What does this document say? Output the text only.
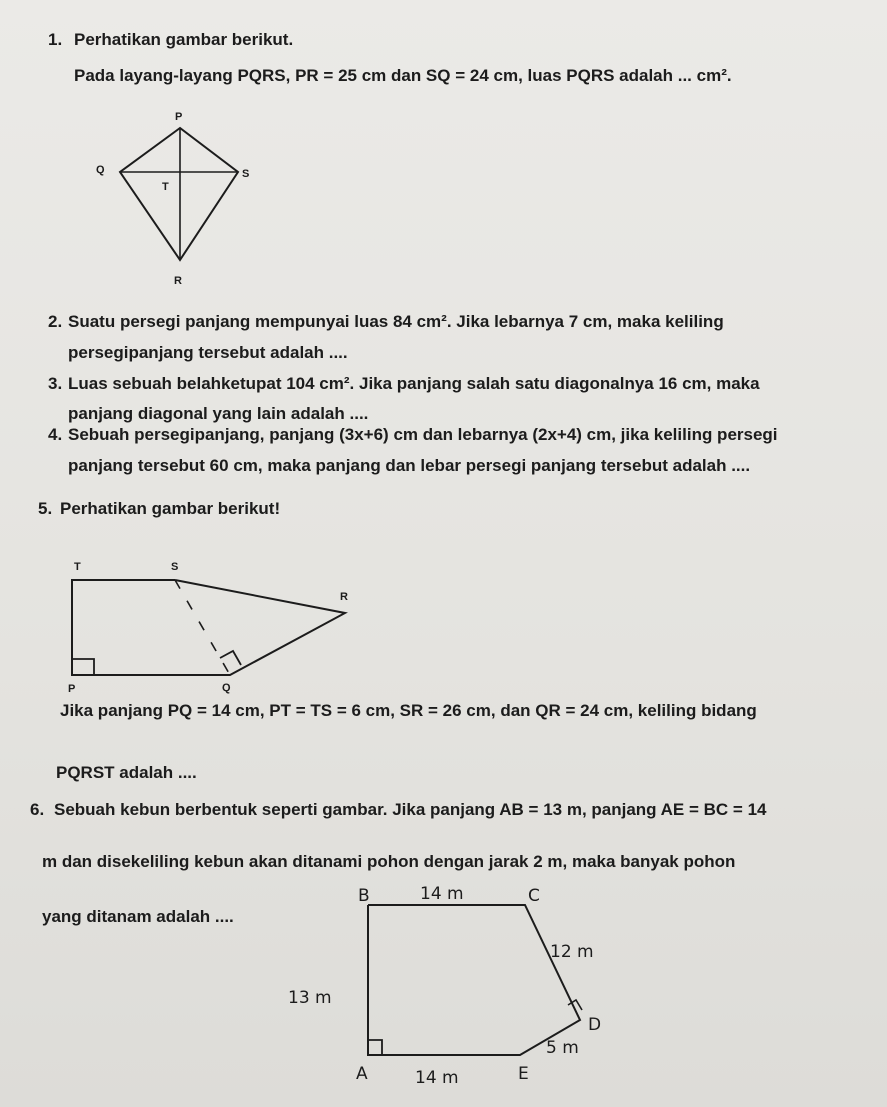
1. Perhatikan gambar berikut.

Pada layang-layang PQRS, PR = 25 cm dan SQ = 24 cm, luas PQRS adalah ... cm².

P
Q	S
T
R
2. Suatu persegi panjang mempunyai luas 84 cm². Jika lebarnya 7 cm, maka keliling

persegipanjang tersebut adalah ....

3. Luas sebuah belahketupat 104 cm². Jika panjang salah satu diagonalnya 16 cm, maka

panjang diagonal yang lain adalah ....

4. Sebuah persegipanjang, panjang (3x+6) cm dan lebarnya (2x+4) cm, jika keliling persegi

panjang tersebut 60 cm, maka panjang dan lebar persegi panjang tersebut adalah ....

5. Perhatikan gambar berikut!

T	S
R
P	Q

Jika panjang PQ = 14 cm, PT = TS = 6 cm, SR = 26 cm, dan QR = 24 cm, keliling bidang

PQRST adalah ....

6. Sebuah kebun berbentuk seperti gambar. Jika panjang AB = 13 m, panjang AE = BC = 14

m dan disekeliling kebun akan ditanami pohon dengan jarak 2 m, maka banyak pohon

yang ditanam adalah ....

B	C
D
A	E
14 m
12 m
13 m
14 m
5 m
